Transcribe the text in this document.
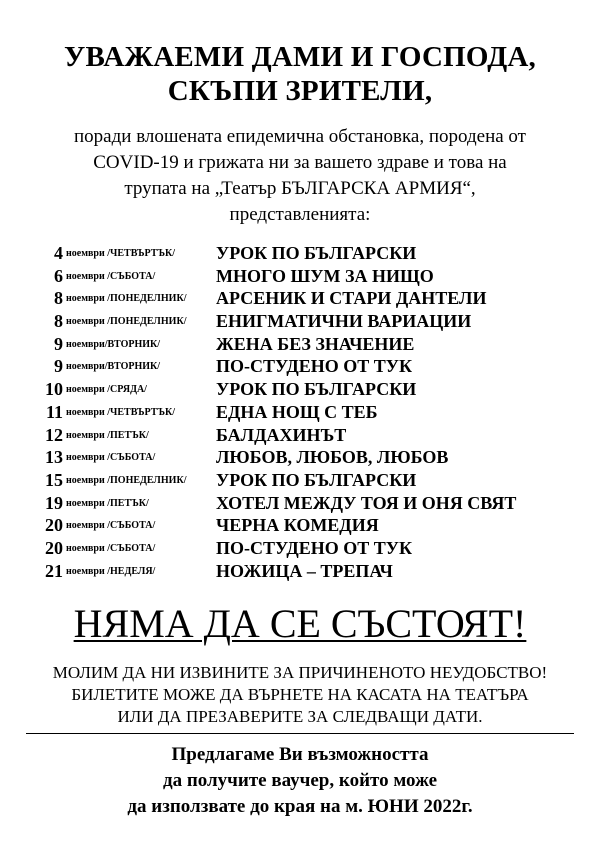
УВАЖАЕМИ ДАМИ И ГОСПОДА,
СКЪПИ ЗРИТЕЛИ,
поради влошената епидемична обстановка, породена от
COVID-19 и грижата ни за вашето здраве и това на
трупата на „Театър БЪЛГАРСКА АРМИЯ“,
представленията:
4 ноември /ЧЕТВЪРТЪК/ УРОК ПО БЪЛГАРСКИ
6 ноември /СЪБОТА/	МНОГО ШУМ ЗА НИЩО
8 ноември /ПОНЕДЕЛНИК/ АРСЕНИК И СТАРИ ДАНТЕЛИ
8 ноември /ПОНЕДЕЛНИК/ ЕНИГМАТИЧНИ ВАРИАЦИИ
9 ноември/ВТОРНИК/	ЖЕНА БЕЗ ЗНАЧЕНИЕ
9 ноември/ВТОРНИК/	ПО-СТУДЕНО ОТ ТУК
10 ноември /СРЯДА/	УРОК ПО БЪЛГАРСКИ
11 ноември /ЧЕТВЪРТЪК/ ЕДНА НОЩ С ТЕБ
12 ноември /ПЕТЪК/	БАЛДАХИНЪТ
13 ноември /СЪБОТА/	ЛЮБОВ, ЛЮБОВ, ЛЮБОВ
15 ноември /ПОНЕДЕЛНИК/ УРОК ПО БЪЛГАРСКИ
19 ноември /ПЕТЪК/	ХОТЕЛ МЕЖДУ ТОЯ И ОНЯ СВЯТ
20 ноември /СЪБОТА/	ЧЕРНА КОМЕДИЯ
20 ноември /СЪБОТА/	ПО-СТУДЕНО ОТ ТУК
21 ноември /НЕДЕЛЯ/	НОЖИЦА – ТРЕПАЧ
НЯМА ДА СЕ СЪСТОЯТ!
МОЛИМ ДА НИ ИЗВИНИТЕ ЗА ПРИЧИНЕНОТО НЕУДОБСТВО!
БИЛЕТИТЕ МОЖЕ ДА ВЪРНЕТЕ НА КАСАТА НА ТЕАТЪРА
ИЛИ ДА ПРЕЗАВЕРИТЕ ЗА СЛЕДВАЩИ ДАТИ.
Предлагаме Ви възможността
да получите ваучер, който може
да използвате до края на м. ЮНИ 2022г.
